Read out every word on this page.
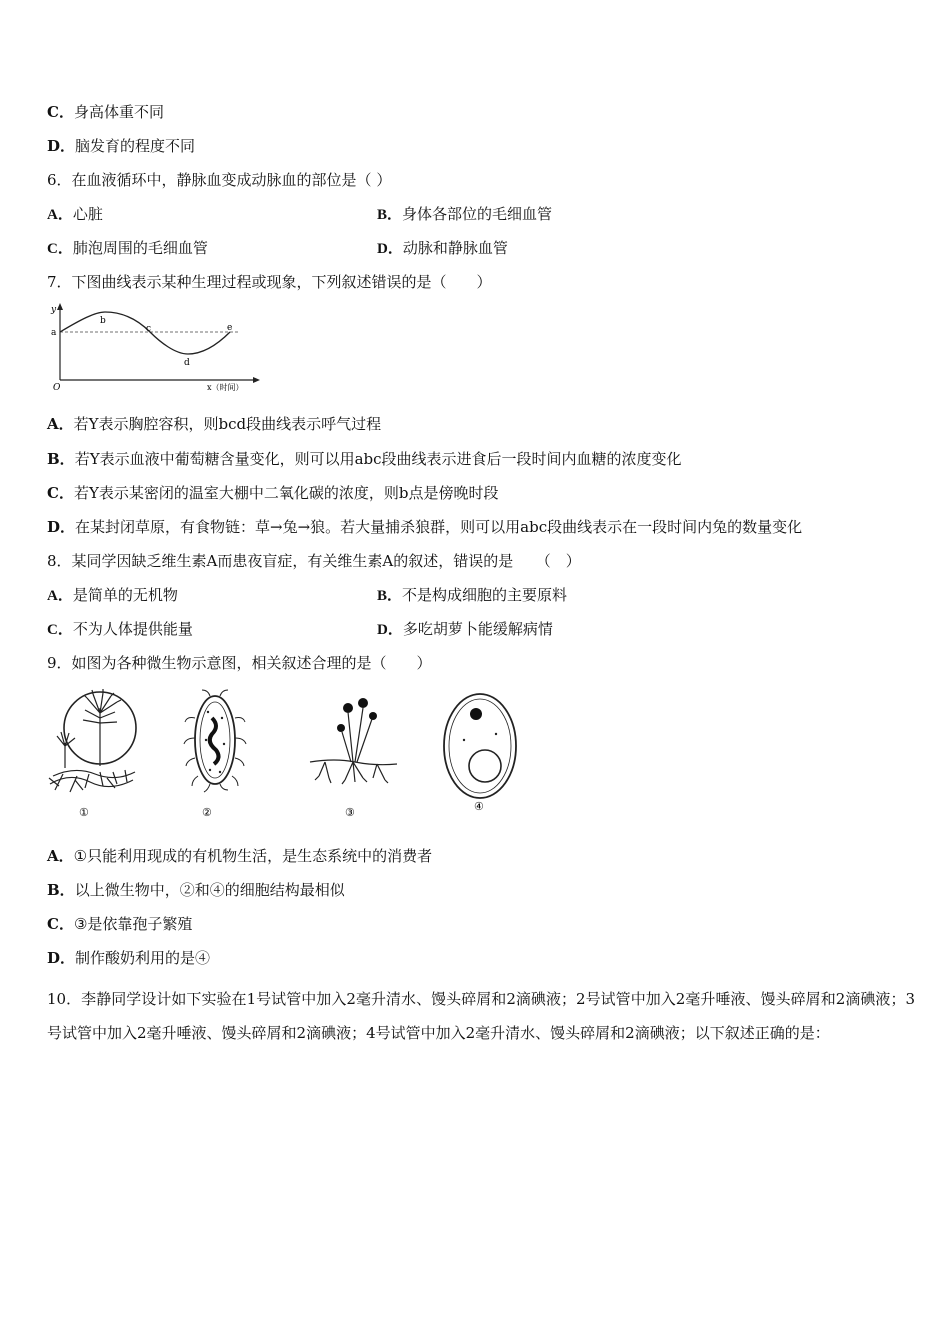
C．身高体重不同
D．脑发育的程度不同
6．在血液循环中，静脉血变成动脉血的部位是（ ）
A．心脏	B．身体各部位的毛细血管
C．肺泡周围的毛细血管	D．动脉和静脉血管
7．下图曲线表示某种生理过程或现象，下列叙述错误的是（　　）
y
a
b
c
d
e
O	x（时间）
A．若Y表示胸腔容积，则bcd段曲线表示呼气过程
B．若Y表示血液中葡萄糖含量变化，则可以用abc段曲线表示进食后一段时间内血糖的浓度变化
C．若Y表示某密闭的温室大棚中二氧化碳的浓度，则b点是傍晚时段
D．在某封闭草原，有食物链：草→兔→狼。若大量捕杀狼群，则可以用abc段曲线表示在一段时间内兔的数量变化
8．某同学因缺乏维生素A而患夜盲症，有关维生素A的叙述，错误的是　　（　）
A．是简单的无机物	B．不是构成细胞的主要原料
C．不为人体提供能量	D．多吃胡萝卜能缓解病情
9．如图为各种微生物示意图，相关叙述合理的是（　　）
①	②	③	④
A．①只能利用现成的有机物生活，是生态系统中的消费者
B．以上微生物中，②和④的细胞结构最相似
C．③是依靠孢子繁殖
D．制作酸奶利用的是④
10．李静同学设计如下实验在1号试管中加入2毫升清水、馒头碎屑和2滴碘液；2号试管中加入2毫升唾液、馒头碎屑和2滴碘液；3号试管中加入2毫升唾液、馒头碎屑和2滴碘液；4号试管中加入2毫升清水、馒头碎屑和2滴碘液；以下叙述正确的是：
